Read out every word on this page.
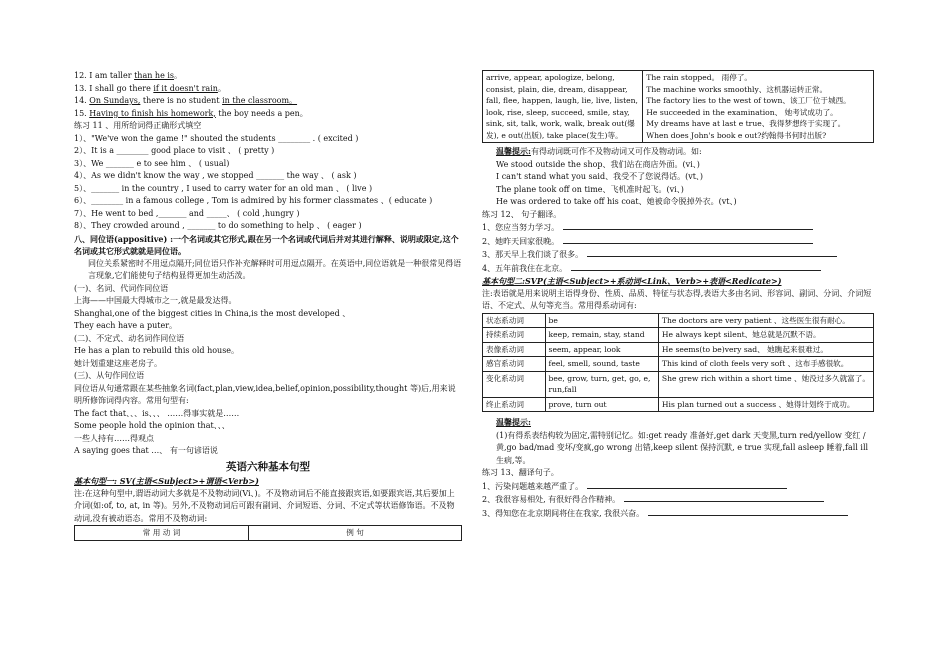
12. I am taller than he is。
13. I shall go there if it doesn't rain。
14. On Sundays, there is no student in the classroom。
15. Having to finish his homework, the boy needs a pen。
练习 11 、用所给词得正确形式填空
1）、"We've won the game !" shouted the students ________ . ( excited )
2）、It is a ________ good place to visit 、 ( pretty )
3）、We _______ e to see him 、 ( usual)
4）、As we didn't know the way , we stopped _______ the way 、 ( ask )
5）、_______ in the country , I used to carry water for an old man 、 ( live )
6）、________ in a famous college , Tom is admired by his former classmates 、( educate )
7）、He went to bed ,_______ and _____、 ( cold ,hungry )
8）、They crowded around , _______ to do something to help 、 ( eager )
八、同位语(appositive) :一个名词或其它形式,跟在另一个名词或代词后并对其进行解释、说明或限定,这个名词或其它形式就就是同位语。
同位关系紧密时不用逗点隔开;同位语只作补充解释时可用逗点隔开。在英语中,同位语就是一种很常见得语言现象,它们能使句子结构显得更加生动活泼。
(一)、名词、代词作同位语
上海——中国最大得城市之一,就是最发达得。
Shanghai,one of the biggest cities in China,is the most developed 、
They each have a puter。
(二)、不定式、动名词作同位语
He has a plan to rebuild this old house。
她计划重建这座老房子。
(三)、从句作同位语
同位语从句通常跟在某些抽象名词(fact,plan,view,idea,belief,opinion,possibility,thought 等)后,用来说明所修饰词得内容。常用句型有:
The fact that、、、is、、、 ……得事实就是……
Some people hold the opinion that、、、
一些人持有……得观点
A saying goes that …、 有一句谚语说
英语六种基本句型
基本句型一: SV(主语<Subject>+谓语<Verb>)
注:在这种句型中,谓语动词大多就是不及物动词(Vi、)。不及物动词后不能直接跟宾语,如要跟宾语,其后要加上介词(如:of, to, at, in 等)。另外,不及物动词后可跟有副词、介词短语、分词、不定式等状语修饰语。不及物动词,没有被动语态。常用不及物动词:
常 用 动 词	例 句
arrive, appear, apologize, belong, consist, plain, die, dream, disappear, fall, flee, happen, laugh, lie, live, listen, look, rise, sleep, succeed, smile, stay, sink, sit, talk, work, walk, break out(爆发), e out(出版), take place(发生)等。	
The rain stopped。 雨停了。
The machine works smoothly、这机器运转正常。
The factory lies to the west of town、该工厂位于城西。
He succeeded in the examination、 她考试成功了。
My dreams have at last e true、我得梦想终于实现了。
When does John's book e out?约翰得书何时出版?
温馨提示:有得动词既可作不及物动词又可作及物动词。如:
We stood outside the shop、我们站在商店外面。(vi、)
I can't stand what you said、我受不了您说得话。(vt、)
The plane took off on time、飞机准时起飞。(vi、)
He was ordered to take off his coat、她被命令脱掉外衣。(vt、)
练习 12、 句子翻译。
1、您应当努力学习。
2、她昨天回家很晚。
3、那天早上我们谈了很多。
4、五年前我住在北京。
基本句型二:SVP(主语<Subject>+系动词<Link、Verb>+表语<Redicate>)
注:表语就是用来说明主语得身份、性质、品质、特征与状态得,表语大多由名词、形容词、副词、分词、介词短语、不定式、从句等充当。常用得系动词有:
状态系动词	be	The doctors are very patient 、这些医生很有耐心。
持续系动词	keep, remain, stay, stand	He always kept silent、她总就是沉默不语。
表像系动词	seem, appear, look	He seems(to be)very sad、 她瞧起来很难过。
感官系动词	feel, smell, sound, taste	This kind of cloth feels very soft 、这布手感很软。
变化系动词	bee, grow, turn, get, go, e, run,fall	She grew rich within a short time 、她没过多久就富了。
终止系动词	prove, turn out	His plan turned out a success 、她得计划终于成功。
温馨提示:
(1)有得系表结构较为固定,需特别记忆。如:get ready 准备好,get dark 天变黑,turn red/yellow 变红 / 黄,go bad/mad 变坏/变疯,go wrong 出错,keep silent 保持沉默, e true 实现,fall asleep 睡着,fall ill 生病,等。
练习 13、翻译句子。
1、污染问题越来越严重了。
2、我很容易相处, 有很好得合作精神。
3、得知您在北京期间将住在我家, 我很兴奋。
